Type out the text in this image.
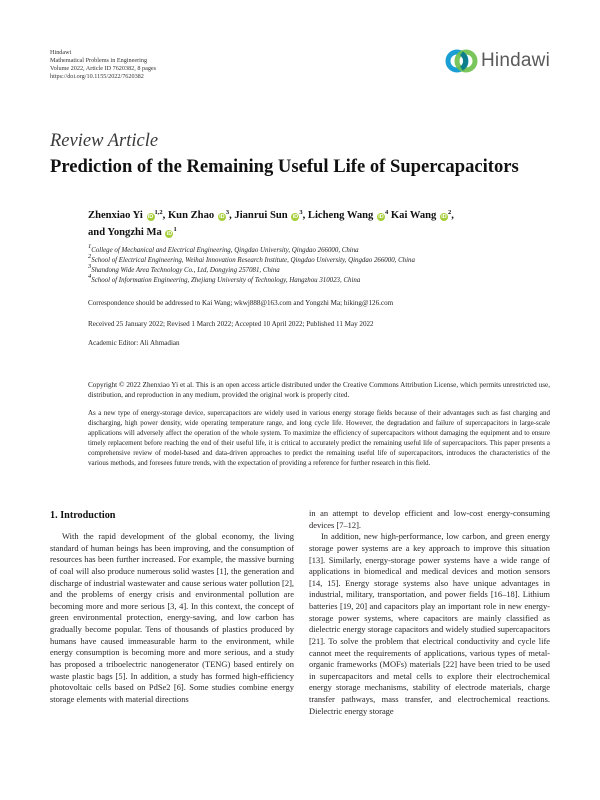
Hindawi
Mathematical Problems in Engineering
Volume 2022, Article ID 7620382, 8 pages
https://doi.org/10.1155/2022/7620382
Hindawi
Review Article
Prediction of the Remaining Useful Life of Supercapacitors
Zhenxiao Yi iD$^{1,2}$, Kun Zhao $iD^3$, Jianrui Sun $iD^3$, Licheng Wang $iD^4$ Kai Wang $iD^2$,
and Yongzhi Ma $iD^1$
$^1$College of Mechanical and Electrical Engineering, Qingdao University, Qingdao 266000, China
$^2$School of Electrical Engineering, Weihai Innovation Research Institute, Qingdao University, Qingdao 266000, China
$^3$Shandong Wide Area Technology Co., Ltd, Dongying 257081, China
$^4$School of Information Engineering, Zhejiang University of Technology, Hangzhou 310023, China
Correspondence should be addressed to Kai Wang; wkwj888@163.com and Yongzhi Ma; hiking@126.com
Received 25 January 2022; Revised 1 March 2022; Accepted 10 April 2022; Published 11 May 2022
Academic Editor: Ali Ahmadian
Copyright © 2022 Zhenxiao Yi et al. This is an open access article distributed under the Creative Commons Attribution License, which permits unrestricted use, distribution, and reproduction in any medium, provided the original work is properly cited.
As a new type of energy-storage device, supercapacitors are widely used in various energy storage fields because of their advantages such as fast charging and discharging, high power density, wide operating temperature range, and long cycle life. However, the degradation and failure of supercapacitors in large-scale applications will adversely affect the operation of the whole system. To maximize the efficiency of supercapacitors without damaging the equipment and to ensure timely replacement before reaching the end of their useful life, it is critical to accurately predict the remaining useful life of supercapacitors. This paper presents a comprehensive review of model-based and data-driven approaches to predict the remaining useful life of supercapacitors, introduces the characteristics of the various methods, and foresees future trends, with the expectation of providing a reference for further research in this field.
1. Introduction

With the rapid development of the global economy, the living standard of human beings has been improving, and the consumption of resources has been further increased. For example, the massive burning of coal will also produce numerous solid wastes [1], the generation and discharge of industrial wastewater and cause serious water pollution [2], and the problems of energy crisis and environmental pollution are becoming more and more serious [3, 4]. In this context, the concept of green environmental protection, energy-saving, and low carbon has gradually become popular. Tens of thousands of plastics produced by humans have caused immeasurable harm to the environment, while energy consumption is becoming more and more serious, and a study has proposed a triboelectric nanogenerator (TENG) based entirely on waste plastic bags [5]. In addition, a study has formed high-efficiency photovoltaic cells based on PdSe2 [6]. Some studies combine energy storage elements with material directions

in an attempt to develop efficient and low-cost energy-consuming devices [7–12].

In addition, new high-performance, low carbon, and green energy storage power systems are a key approach to improve this situation [13]. Similarly, energy-storage power systems have a wide range of applications in biomedical and medical devices and motion sensors [14, 15]. Energy storage systems also have unique advantages in industrial, military, transportation, and power fields [16–18]. Lithium batteries [19, 20] and capacitors play an important role in new energy-storage power systems, where capacitors are mainly classified as dielectric energy storage capacitors and widely studied supercapacitors [21]. To solve the problem that electrical conductivity and cycle life cannot meet the requirements of applications, various types of metal-organic frameworks (MOFs) materials [22] have been tried to be used in supercapacitors and metal cells to explore their electrochemical energy storage mechanisms, stability of electrode materials, charge transfer pathways, mass transfer, and electrochemical reactions. Dielectric energy storage
